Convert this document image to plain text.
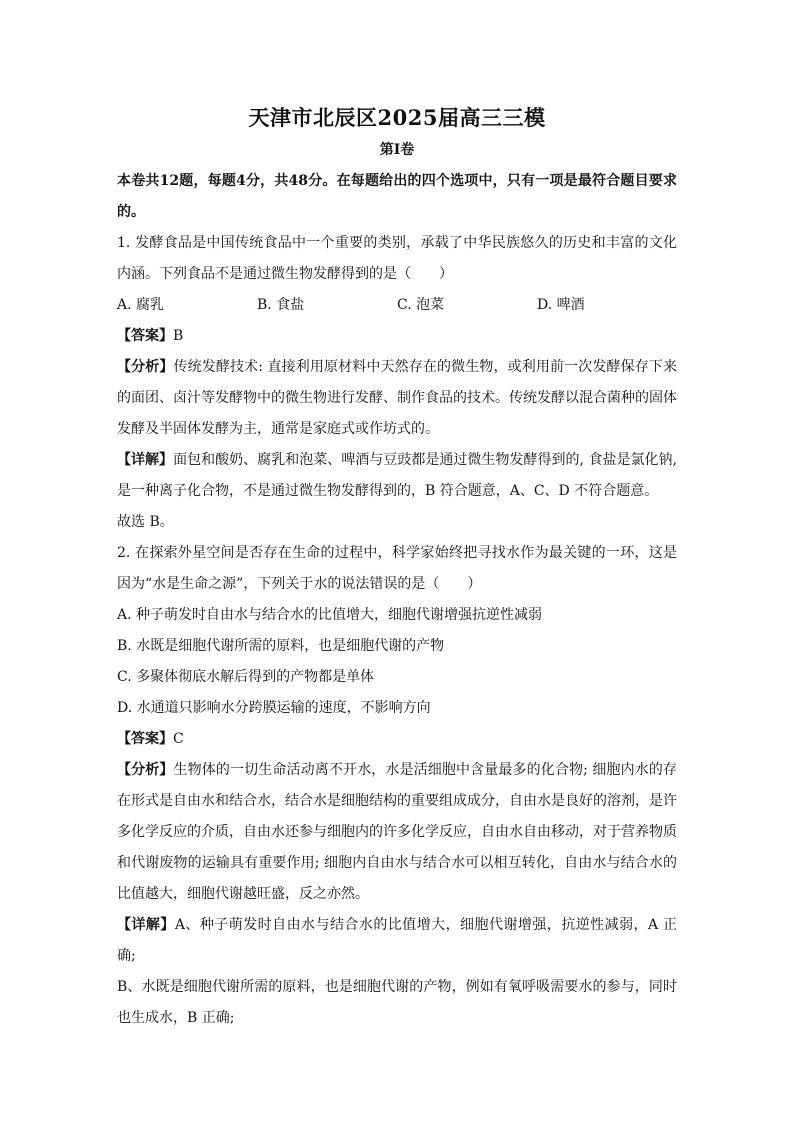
天津市北辰区2025届高三三模
第I卷

本卷共12题，每题4分，共48分。在每题给出的四个选项中，只有一项是最符合题目要求的。

1. 发酵食品是中国传统食品中一个重要的类别，承载了中华民族悠久的历史和丰富的文化内涵。下列食品不是通过微生物发酵得到的是（　　）

A. 腐乳	B. 食盐	C. 泡菜	D. 啤酒

【答案】B

【分析】传统发酵技术: 直接利用原材料中天然存在的微生物，或利用前一次发酵保存下来的面团、卤汁等发酵物中的微生物进行发酵、制作食品的技术。传统发酵以混合菌种的固体发酵及半固体发酵为主，通常是家庭式或作坊式的。

【详解】面包和酸奶、腐乳和泡菜、啤酒与豆豉都是通过微生物发酵得到的, 食盐是氯化钠, 是一种离子化合物，不是通过微生物发酵得到的，B 符合题意，A、C、D 不符合题意。

故选 B。

2. 在探索外星空间是否存在生命的过程中，科学家始终把寻找水作为最关键的一环，这是因为“水是生命之源”，下列关于水的说法错误的是（　　）

A. 种子萌发时自由水与结合水的比值增大，细胞代谢增强抗逆性减弱
B. 水既是细胞代谢所需的原料，也是细胞代谢的产物
C. 多聚体彻底水解后得到的产物都是单体
D. 水通道只影响水分跨膜运输的速度，不影响方向

【答案】C

【分析】生物体的一切生命活动离不开水，水是活细胞中含量最多的化合物; 细胞内水的存在形式是自由水和结合水，结合水是细胞结构的重要组成成分，自由水是良好的溶剂，是许多化学反应的介质，自由水还参与细胞内的许多化学反应，自由水自由移动，对于营养物质和代谢废物的运输具有重要作用; 细胞内自由水与结合水可以相互转化，自由水与结合水的比值越大，细胞代谢越旺盛，反之亦然。

【详解】A、种子萌发时自由水与结合水的比值增大，细胞代谢增强，抗逆性减弱，A 正确;

B、水既是细胞代谢所需的原料，也是细胞代谢的产物，例如有氧呼吸需要水的参与，同时也生成水，B 正确;
